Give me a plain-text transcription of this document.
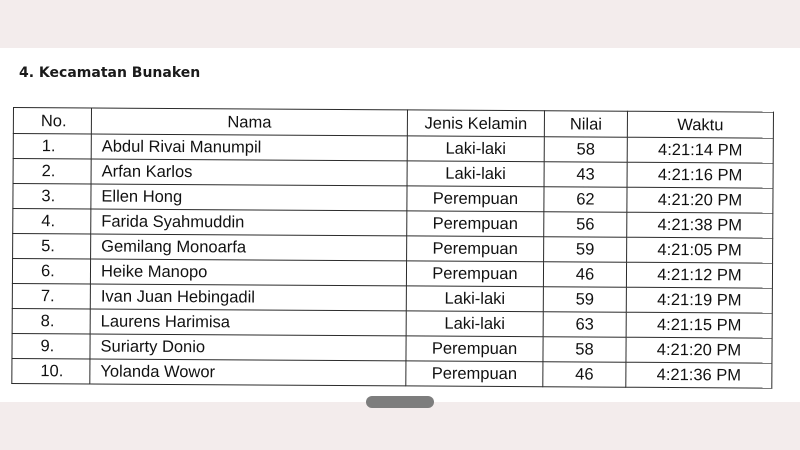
4. Kecamatan Bunaken
No.	Nama	Jenis Kelamin	Nilai	Waktu
1.	Abdul Rivai Manumpil	Laki-laki	58	4:21:14 PM
2.	Arfan Karlos	Laki-laki	43	4:21:16 PM
3.	Ellen Hong	Perempuan	62	4:21:20 PM
4.	Farida Syahmuddin	Perempuan	56	4:21:38 PM
5.	Gemilang Monoarfa	Perempuan	59	4:21:05 PM
6.	Heike Manopo	Perempuan	46	4:21:12 PM
7.	Ivan Juan Hebingadil	Laki-laki	59	4:21:19 PM
8.	Laurens Harimisa	Laki-laki	63	4:21:15 PM
9.	Suriarty Donio	Perempuan	58	4:21:20 PM
10.	Yolanda Wowor	Perempuan	46	4:21:36 PM
